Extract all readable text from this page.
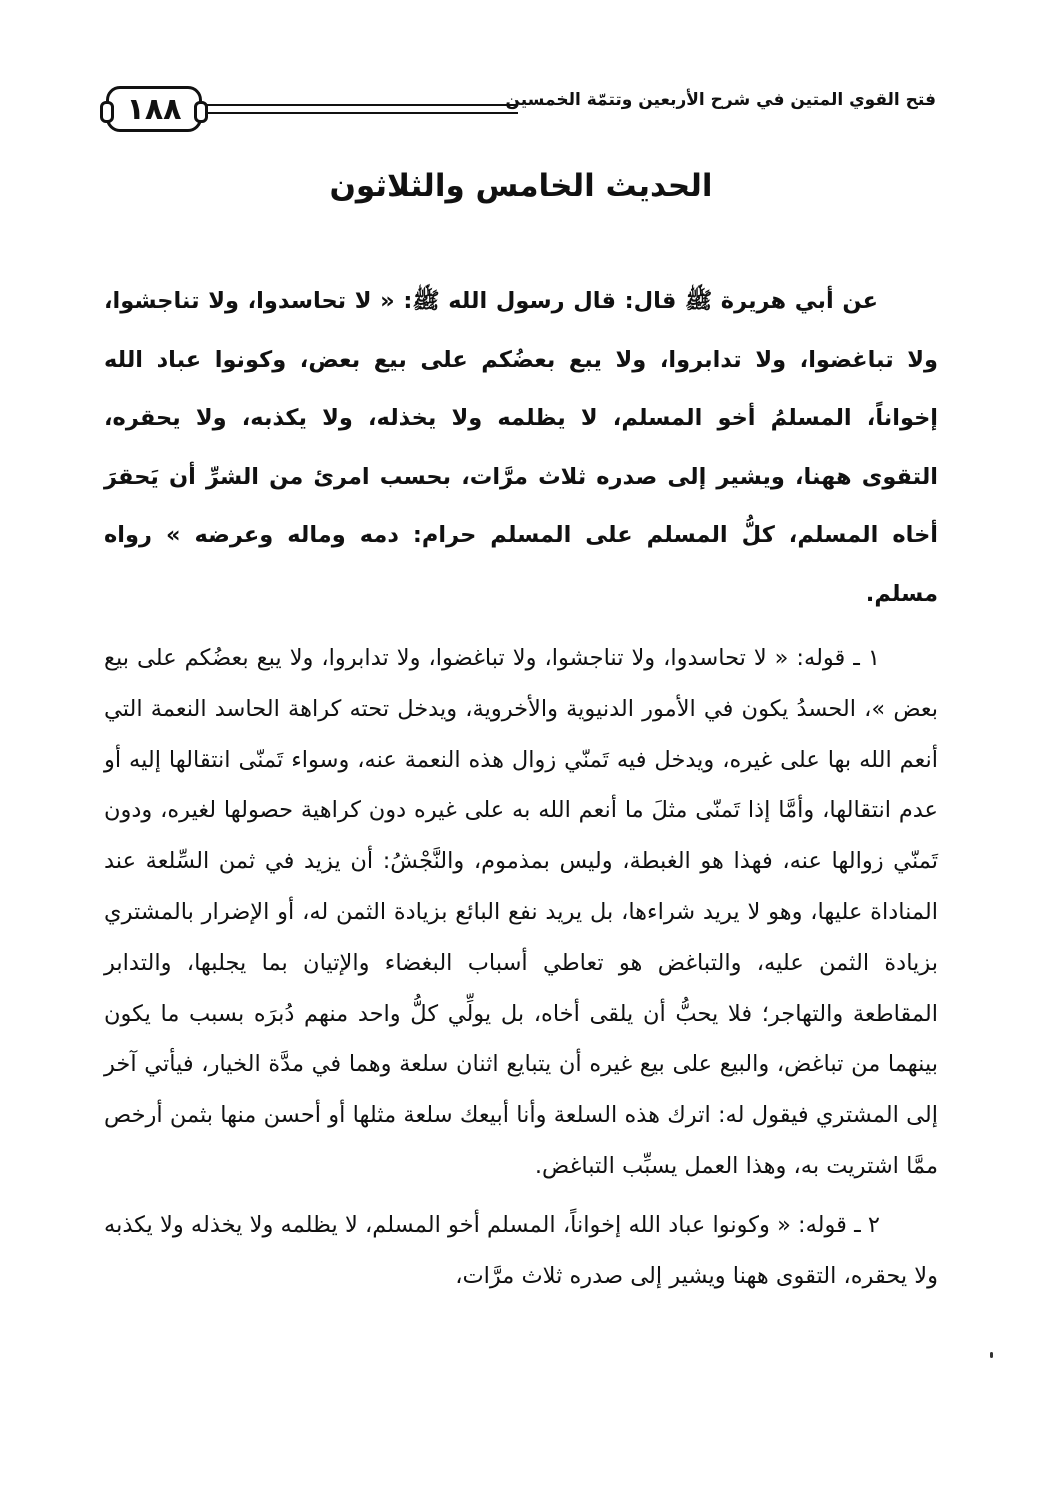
١٨٨	فتح القوي المتين في شرح الأربعين وتتمّة الخمسين
الحديث الخامس والثلاثون

عن أبي هريرة ﷺ قال: قال رسول الله ﷺ: « لا تحاسدوا، ولا تناجشوا، ولا تباغضوا، ولا تدابروا، ولا يبع بعضُكم على بيع بعض، وكونوا عباد الله إخواناً، المسلمُ أخو المسلم، لا يظلمه ولا يخذله، ولا يكذبه، ولا يحقره، التقوى ههنا، ويشير إلى صدره ثلاث مرَّات، بحسب امرئ من الشرِّ أن يَحقرَ أخاه المسلم، كلُّ المسلم على المسلم حرام: دمه وماله وعرضه » رواه مسلم.

١ ـ قوله: « لا تحاسدوا، ولا تناجشوا، ولا تباغضوا، ولا تدابروا، ولا يبع بعضُكم على بيع بعض »، الحسدُ يكون في الأمور الدنيوية والأخروية، ويدخل تحته كراهة الحاسد النعمة التي أنعم الله بها على غيره، ويدخل فيه تَمنّي زوال هذه النعمة عنه، وسواء تَمنّى انتقالها إليه أو عدم انتقالها، وأمَّا إذا تَمنّى مثلَ ما أنعم الله به على غيره دون كراهية حصولها لغيره، ودون تَمنّي زوالها عنه، فهذا هو الغبطة، وليس بمذموم، والنَّجْشُ: أن يزيد في ثمن السِّلعة عند المناداة عليها، وهو لا يريد شراءها، بل يريد نفع البائع بزيادة الثمن له، أو الإضرار بالمشتري بزيادة الثمن عليه، والتباغض هو تعاطي أسباب البغضاء والإتيان بما يجلبها، والتدابر المقاطعة والتهاجر؛ فلا يحبُّ أن يلقى أخاه، بل يولِّي كلُّ واحد منهم دُبرَه بسبب ما يكون بينهما من تباغض، والبيع على بيع غيره أن يتبايع اثنان سلعة وهما في مدَّة الخيار، فيأتي آخر إلى المشتري فيقول له: اترك هذه السلعة وأنا أبيعك سلعة مثلها أو أحسن منها بثمن أرخص ممَّا اشتريت به، وهذا العمل يسبِّب التباغض.

٢ ـ قوله: « وكونوا عباد الله إخواناً، المسلم أخو المسلم، لا يظلمه ولا يخذله ولا يكذبه ولا يحقره، التقوى ههنا ويشير إلى صدره ثلاث مرَّات،
